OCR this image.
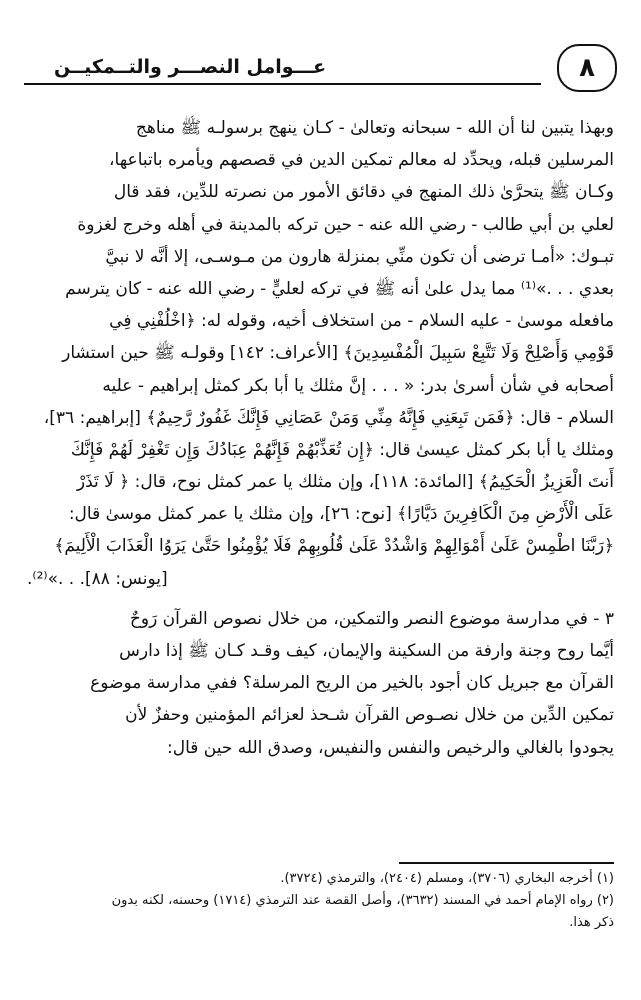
عـــوامل النصـــر والتــمكيــن	٨
وبهذا يتبين لنا أن الله - سبحانه وتعالىٰ - كـان ينهج برسولـه ﷺ مناهج
المرسلين قبله، ويحدِّد له معالم تمكين الدين في قصصهم ويأمره باتباعها،
وكـان ﷺ يتحرَّىٰ ذلك المنهج في دقائق الأمور من نصرته للدِّين، فقد قال
لعلي بن أبي طالب - رضي الله عنه - حين تركه بالمدينة في أهله وخرج لغزوة
تبـوك: «أمـا ترضى أن تكون منِّي بمنزلة هارون من مـوسـى، إلا أنَّه لا نبيَّ
بعدي . . .»⁽¹⁾ مما يدل علىٰ أنه ﷺ في تركه لعليٍّ - رضي الله عنه - كان يترسم
مافعله موسىٰ - عليه السلام - من استخلاف أخيه، وقوله له: ﴿اخْلُفْنِي فِي
قَوْمِي وَأَصْلِحْ وَلَا تَتَّبِعْ سَبِيلَ الْمُفْسِدِينَ﴾ [الأعراف: ١٤٢] وقولـه ﷺ حين استشار
أصحابه في شأن أسرىٰ بدر: « . . . إنَّ مثلك يا أبا بكر كمثل إبراهيم - عليه
السلام - قال: ﴿فَمَن تَبِعَنِي فَإِنَّهُ مِنِّي وَمَنْ عَصَانِي فَإِنَّكَ غَفُورٌ رَّحِيمٌ﴾ [إبراهيم: ٣٦]،
ومثلك يا أبا بكر كمثل عيسىٰ قال: ﴿إِن تُعَذِّبْهُمْ فَإِنَّهُمْ عِبَادُكَ وَإِن تَغْفِرْ لَهُمْ فَإِنَّكَ
أَنتَ الْعَزِيزُ الْحَكِيمُ﴾ [المائدة: ١١٨]، وإن مثلك يا عمر كمثل نوح، قال: ﴿ لَا تَذَرْ
عَلَى الْأَرْضِ مِنَ الْكَافِرِينَ دَيَّارًا﴾ [نوح: ٢٦]، وإن مثلك يا عمر كمثل موسىٰ قال:
﴿رَبَّنَا اطْمِسْ عَلَىٰ أَمْوَالِهِمْ وَاشْدُدْ عَلَىٰ قُلُوبِهِمْ فَلَا يُؤْمِنُوا حَتَّىٰ يَرَوُا الْعَذَابَ الْأَلِيمَ﴾
[يونس: ٨٨]. . .»⁽²⁾.
٣ - في مدارسة موضوع النصر والتمكين، من خلال نصوص القرآن رَوحٌ
أيَّما روح وجنة وارفة من السكينة والإيمان، كيف وقـد كـان ﷺ إذا دارس
القرآن مع جبريل كان أجود بالخير من الريح المرسلة؟ ففي مدارسة موضوع
تمكين الدِّين من خلال نصـوص القرآن شـحذ لعزائم المؤمنين وحفزٌ لأن
يجودوا بالغالي والرخيص والنفس والنفيس، وصدق الله حين قال:
(١) أخرجه البخاري (٣٧٠٦)، ومسلم (٢٤٠٤)، والترمذي (٣٧٢٤).
(٢) رواه الإمام أحمد في المسند (٣٦٣٢)، وأصل القصة عند الترمذي (١٧١٤) وحسنه، لكنه بدون
ذكر هذا.
